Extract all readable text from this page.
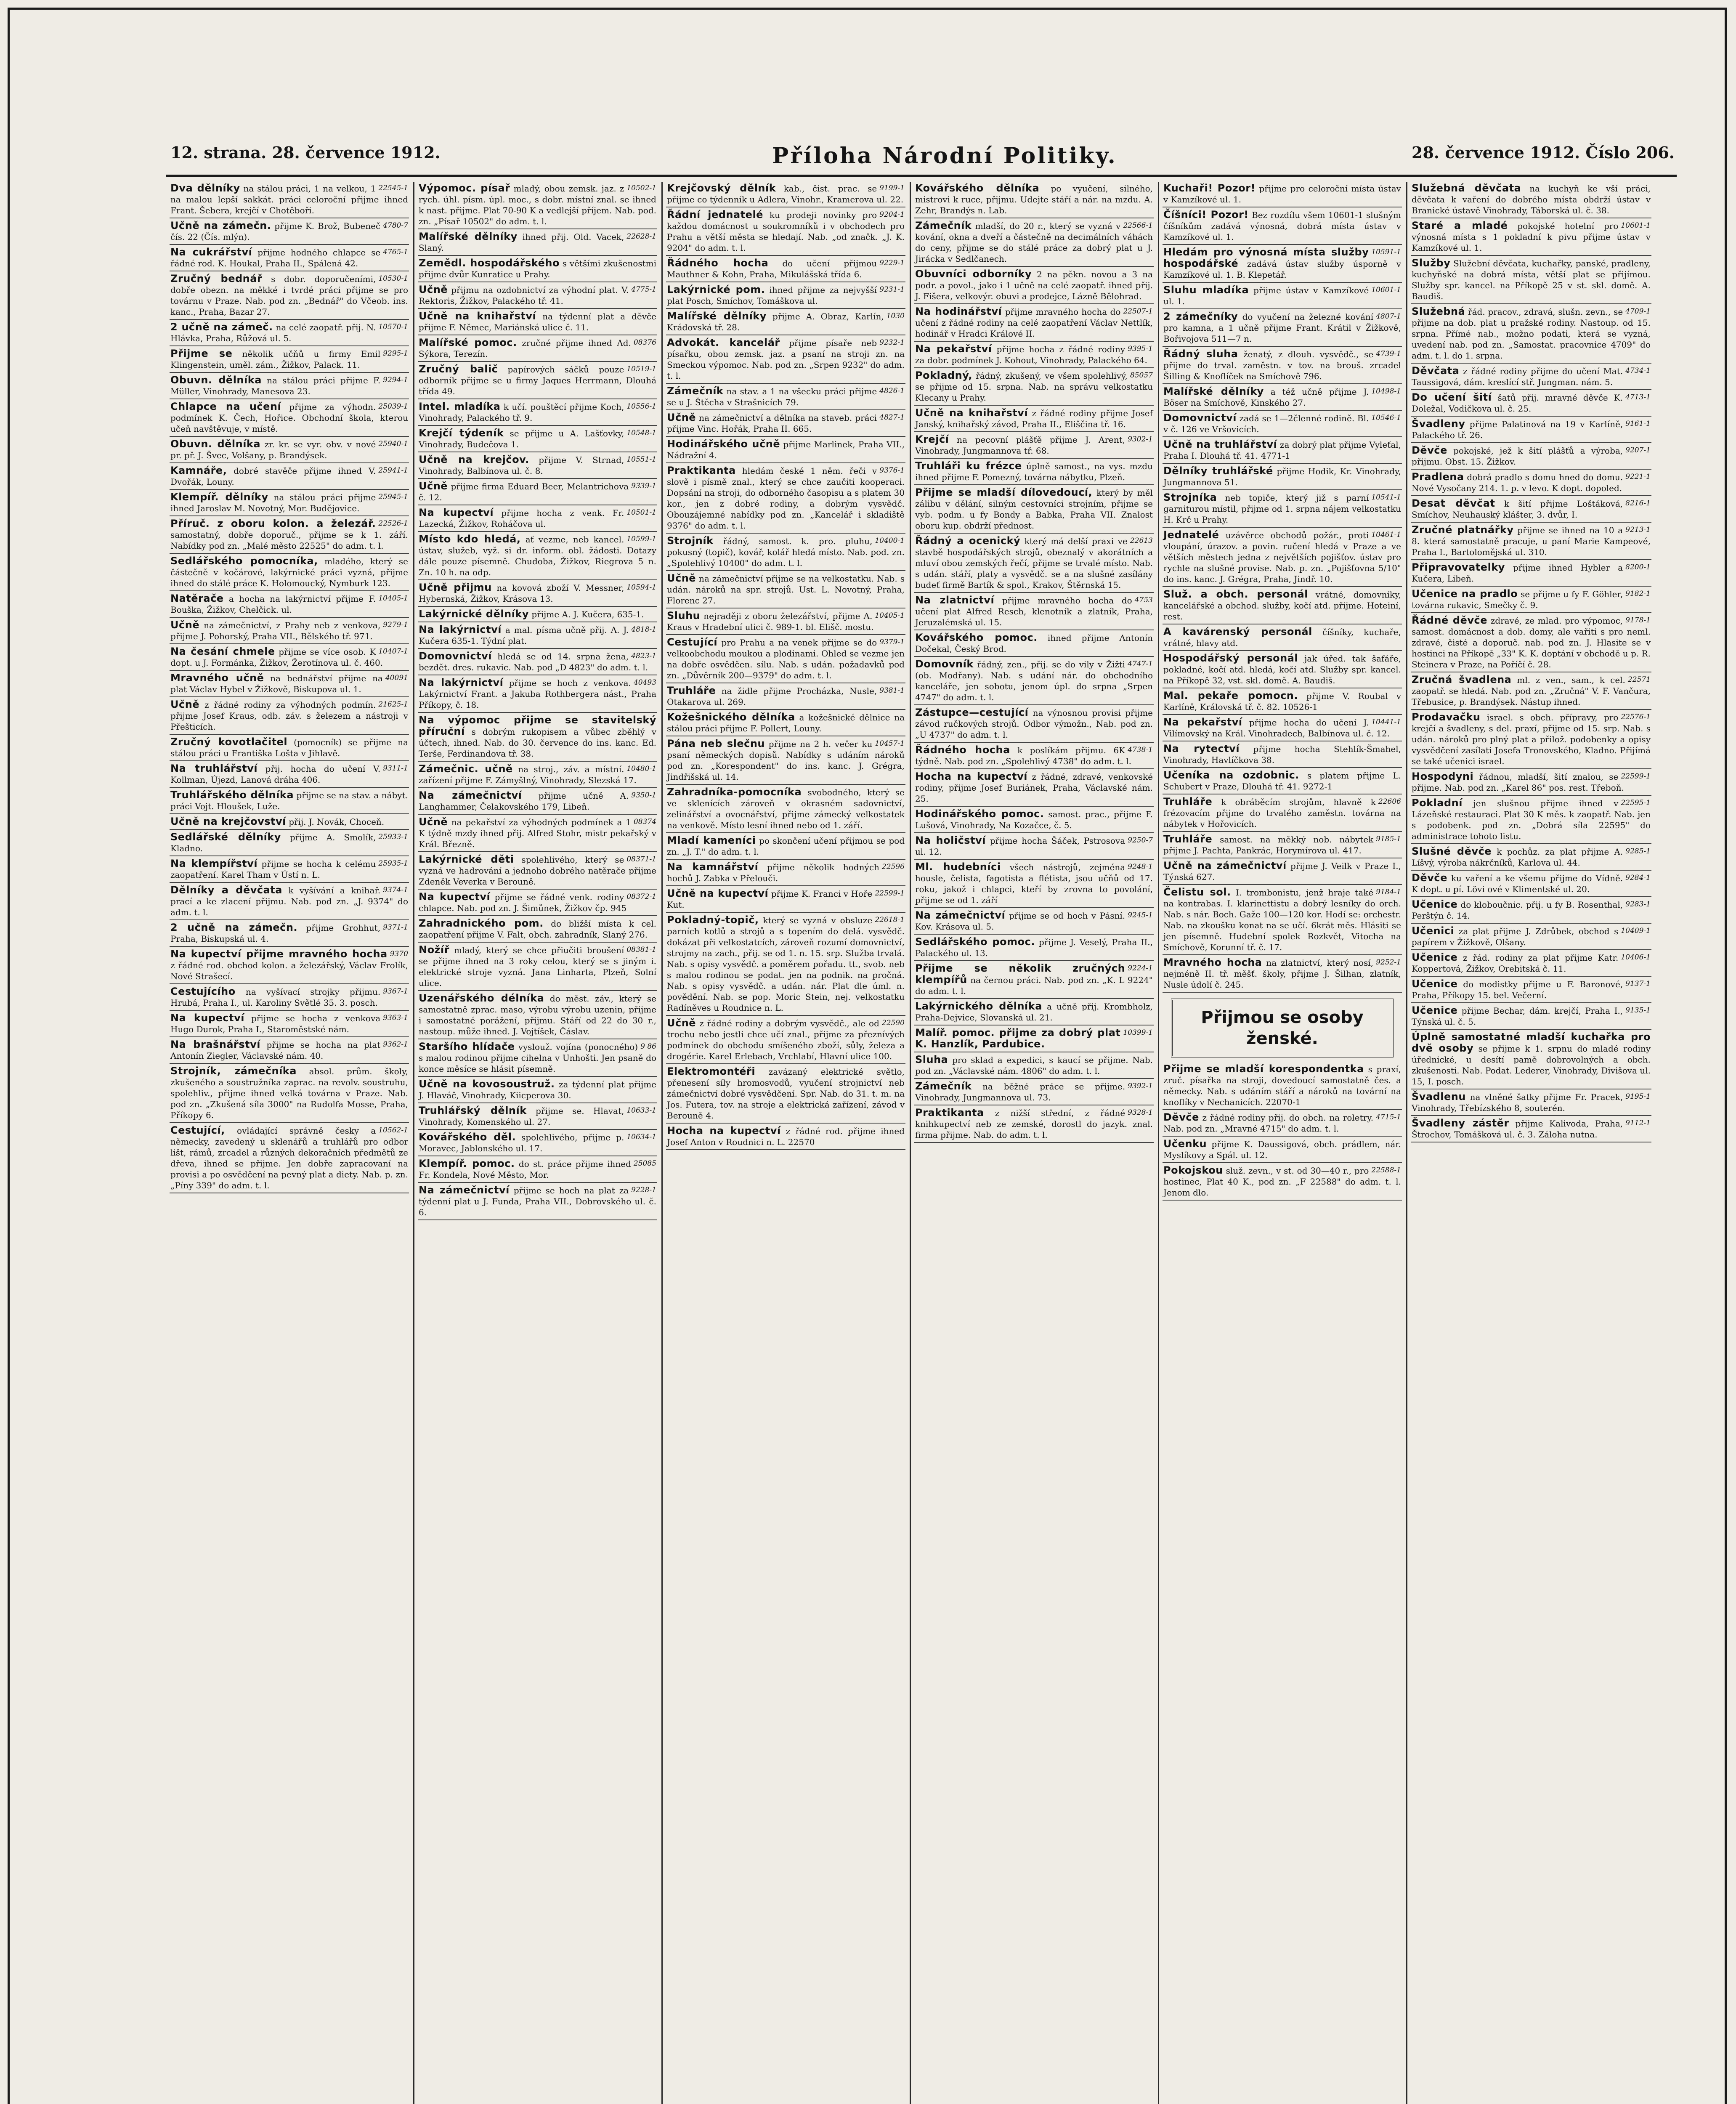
12. strana. 28. července 1912.	Příloha Národní Politiky.	28. července 1912. Číslo 206.
22545-1
Dva dělníky na stálou práci, 1 na velkou, 1 na malou lepší sakkát. práci celoroční přijme ihned Frant. Šebera, krejčí v Chotěboři.
4780-7
Učně na zámečn. přijme K. Brož, Bubeneč čís. 22 (Čís. mlýn).
4765-1
Na cukrářství přijme hodného chlapce se řádné rod. K. Houkal, Praha II., Spálená 42.
10530-1
Zručný bednář s dobr. doporučeními, dobře obezn. na měkké i tvrdé práci přijme se pro továrnu v Praze. Nab. pod zn. „Bednář" do Včeob. ins. kanc., Praha, Bazar 27.
10570-1
2 učně na zámeč. na celé zaopatř. přij. N. Hlávka, Praha, Růžová ul. 5.
9295-1
Přijme se několik učňů u firmy Emil Klingenstein, uměl. zám., Žižkov, Palack. 11.
9294-1
Obuvn. dělníka na stálou práci přijme F. Müller, Vinohrady, Manesova 23.
25039-1
Chlapce na učení přijme za výhodn. podmínek K. Čech, Hořice. Obchodní škola, kterou učeň navštěvuje, v místě.
25940-1
Obuvn. dělníka zr. kr. se vyr. obv. v nové pr. př. J. Švec, Volšany, p. Brandýsek.
25941-1
Kamnáře, dobré stavěče přijme ihned V. Dvořák, Louny.
25945-1
Klempíř. dělníky na stálou práci přijme ihned Jaroslav M. Novotný, Mor. Budějovice.
22526-1
Příruč. z oboru kolon. a železář. samostatný, dobře doporuč., přijme se k 1. září. Nabídky pod zn. „Malé město 22525" do adm. t. l.
Sedlářského pomocníka, mladého, který se částečně v kočárové, lakýrnické práci vyzná, přijme ihned do stálé práce K. Holomoucký, Nymburk 123.
10405-1
Natěrače a hocha na lakýrnictví přijme F. Bouška, Žižkov, Chelčick. ul.
9279-1
Učně na zámečnictví, z Prahy neb z venkova, přijme J. Pohorský, Praha VII., Bělského tř. 971.
10407-1
Na česání chmele přijme se více osob. K dopt. u J. Formánka, Žižkov, Žerotínova ul. č. 460.
40091
Mravného učně na bednářství přijme na plat Václav Hybel v Žižkově, Biskupova ul. 1.
21625-1
Učně z řádné rodiny za výhodných podmín. přijme Josef Kraus, odb. záv. s železem a nástroji v Přešticích.
Zručný kovotlačitel (pomocník) se přijme na stálou práci u Františka Lošta v Jihlavě.
9311-1
Na truhlářství přij. hocha do učení V. Kollman, Újezd, Lanová dráha 406.
Truhlářského dělníka přijme se na stav. a nábyt. práci Vojt. Hloušek, Luže.
Učně na krejčovství přij. J. Novák, Choceň.
25933-1
Sedlářské dělníky přijme A. Smolík, Kladno.
25935-1
Na klempířství přijme se hocha k celému zaopatření. Karel Tham v Ústí n. L.
9374-1
Dělníky a děvčata k vyšívání a knihař. prací a ke zlacení přijmu. Nab. pod zn. „J. 9374" do adm. t. l.
9371-1
2 učně na zámečn. přijme Grohhut, Praha, Biskupská ul. 4.
9370
Na kupectví přijme mravného hocha z řádné rod. obchod kolon. a železářský, Václav Frolík, Nové Strašecí.
9367-1
Cestujícího na vyšívací strojky přijmu. Hrubá, Praha I., ul. Karoliny Světlé 35. 3. posch.
9363-1
Na kupectví přijme se hocha z venkova Hugo Durok, Praha I., Staroměstské nám.
9362-1
Na brašnářství přijme se hocha na plat Antonín Ziegler, Václavské nám. 40.
Strojník, zámečníka absol. prům. školy, zkušeného a soustružníka zaprac. na revolv. soustruhu, spolehliv., přijme ihned velká továrna v Praze. Nab. pod zn. „Zkušená síla 3000" na Rudolfa Mosse, Praha, Příkopy 6.
10562-1
Cestující, ovládající správně česky a německy, zavedený u sklenářů a truhlářů pro odbor lišt, rámů, zrcadel a různých dekoračních předmětů ze dřeva, ihned se přijme. Jen dobře zapracovaní na provisi a po osvědčení na pevný plat a diety. Nab. p. zn. „Píny 339" do adm. t. l.
10502-1
Výpomoc. písař mladý, obou zemsk. jaz. z rych. úhl. písm. úpl. moc., s dobr. místní znal. se ihned k nast. přijme. Plat 70-90 K a vedlejší příjem. Nab. pod. zn. „Písař 10502" do adm. t. l.
22628-1
Malířské dělníky ihned přij. Old. Vacek, Slaný.
Zemědl. hospodářského s většími zkušenostmi přijme dvůr Kunratice u Prahy.
4775-1
Učně přijmu na ozdobnictví za výhodní plat. V. Rektoris, Žižkov, Palackého tř. 41.
Učně na knihařství na týdenní plat a děvče přijme F. Němec, Mariánská ulice č. 11.
08376
Malířské pomoc. zručné přijme ihned Ad. Sýkora, Terezín.
10519-1
Zručný balič papírových sáčků pouze odborník přijme se u firmy Jaques Herrmann, Dlouhá třída 49.
10556-1
Intel. mladíka k učí. pouštěcí přijme Koch, Vinohrady, Palackého tř. 9.
10548-1
Krejčí týdeník se přijme u A. Lašťovky, Vinohrady, Budečova 1.
10551-1
Učně na krejčov. přijme V. Strnad, Vinohrady, Balbínova ul. č. 8.
9339-1
Učně přijme firma Eduard Beer, Melantrichova č. 12.
10501-1
Na kupectví přijme hocha z venk. Fr. Lazecká, Žižkov, Roháčova ul.
10599-1
Místo kdo hledá, ať vezme, neb kancel. ústav, služeb, vyž. si dr. inform. obl. žádosti. Dotazy dále pouze písemně. Chudoba, Žižkov, Riegrova 5 n. Zn. 10 h. na odp.
10594-1
Učně přijmu na kovová zboží V. Messner, Hybernská, Žižkov, Krásova 13.
Lakýrnické dělníky přijme A. J. Kučera, 635-1.
4818-1
Na lakýrnictví a mal. písma učně přij. A. J. Kučera 635-1. Týdní plat.
4823-1
Domovnictví hledá se od 14. srpna žena, bezdět. dres. rukavic. Nab. pod „D 4823" do adm. t. l.
40493
Na lakýrnictví přijme se hoch z venkova. Lakýrnictví Frant. a Jakuba Rothbergera nást., Praha Příkopy, č. 18.
Na výpomoc přijme se stavitelský příruční s dobrým rukopisem a vůbec zběhlý v účtech, ihned. Nab. do 30. července do ins. kanc. Ed. Terše, Ferdinandova tř. 38.
10480-1
Zámečnic. učně na stroj., záv. a místní. zařízení přijme F. Zámyšlný, Vinohrady, Slezská 17.
9350-1
Na zámečnictví přijme učně A. Langhammer, Čelakovského 179, Libeň.
08374
Učně na pekařství za výhodných podmínek a 1 K týdně mzdy ihned přij. Alfred Stohr, mistr pekařský v Král. Březně.
08371-1
Lakýrnické děti spolehlivého, který se vyzná ve hadrování a jednoho dobrého natěrače přijme Zdeněk Veverka v Berouně.
08372-1
Na kupectví přijme se řádné venk. rodiny chlapce. Nab. pod zn. J. Šimůnek, Žižkov čp. 945
Zahradnického pom. do bližší místa k cel. zaopatření přijme V. Falt, obch. zahradník, Slaný 276.
08381-1
Nožíř mladý, který se chce přiučiti broušení se přijme ihned na 3 roky celou, který se s jiným i. elektrické stroje vyzná. Jana Linharta, Plzeň, Solní ulice.
Uzenářského délníka do měst. záv., který se samostatně zprac. maso, výrobu výrobu uzenin, přijme i samostatné porážení, přijmu. Stáří od 22 do 30 r., nastoup. může ihned. J. Vojtíšek, Čáslav.
9 86
Staršího hlídače vyslouž. vojína (ponocného) s malou rodinou přijme cihelna v Unhošti. Jen psaně do konce měsíce se hlásit písemně.
Učně na kovosoustruž. za týdenní plat přijme J. Hlaváč, Vinohrady, Kiicperova 30.
10633-1
Truhlářský dělník přijme se. Hlavat, Vinohrady, Komenského ul. 27.
10634-1
Kovářského děl. spolehlivého, přijme p. Moravec, Jablonského ul. 17.
25085
Klempíř. pomoc. do st. práce přijme ihned Fr. Kondela, Nové Město, Mor.
9228-1
Na zámečnictví přijme se hoch na plat za týdenní plat u J. Funda, Praha VII., Dobrovského ul. č. 6.
9199-1
Krejčovský dělník kab., čist. prac. se přijme co týdenník u Adlera, Vinohr., Kramerova ul. 22.
9204-1
Řádní jednatelé ku prodeji novinky pro každou domácnost u soukromníků i v obchodech pro Prahu a větší města se hledají. Nab. „od značk. „J. K. 9204" do adm. t. l.
9229-1
Řádného hocha do učení přijmou Mauthner & Kohn, Praha, Mikulášská třída 6.
9231-1
Lakýrnické pom. ihned přijme za nejvyšší plat Posch, Smíchov, Tomáškova ul.
1030
Malířské dělníky přijme A. Obraz, Karlín, Krádovská tř. 28.
9232-1
Advokát. kancelář přijme písaře neb písařku, obou zemsk. jaz. a psaní na stroji zn. na Smeckou výpomoc. Nab. pod zn. „Srpen 9232" do adm. t. l.
4826-1
Zámečník na stav. a 1 na všecku práci přijme se u J. Štěcha v Strašnicích 79.
4827-1
Učně na zámečnictví a dělníka na staveb. práci přijme Vinc. Hořák, Praha II. 665.
Hodinářského učně přijme Marlinek, Praha VII., Nádražní 4.
9376-1
Praktikanta hledám české 1 něm. řeči v slově i písmě znal., který se chce zaučiti kooperaci. Dopsání na stroji, do odborného časopisu a s platem 30 kor., jen z dobré rodiny, a dobrým vysvědč. Obouzájemné nabídky pod zn. „Kancelář i skladiště 9376" do adm. t. l.
10400-1
Strojník řádný, samost. k. pro. pluhu, pokusný (topič), kovář, kolář hledá místo. Nab. pod. zn. „Spolehlivý 10400" do adm. t. l.
Učně na zámečnictví přijme se na velkostatku. Nab. s udán. nároků na spr. strojů. Ust. L. Novotný, Praha, Florenc 27.
10405-1
Sluhu nejraději z oboru železářství, přijme A. Kraus v Hradební ulici č. 989-1. bl. Elišč. mostu.
9379-1
Cestující pro Prahu a na venek přijme se do velkoobchodu moukou a plodinami. Ohled se vezme jen na dobře osvědčen. sílu. Nab. s udán. požadavků pod zn. „Důvěrník 200—9379" do adm. t. l.
9381-1
Truhláře na židle přijme Procházka, Nusle, Otakarova ul. 269.
Kožešnického dělníka a kožešnické dělnice na stálou práci přijme F. Pollert, Louny.
10457-1
Pána neb slečnu přijme na 2 h. večer ku psaní německých dopisů. Nabídky s udáním nároků pod zn. „Korespondent" do ins. kanc. J. Grégra, Jindřišská ul. 14.
Zahradníka-pomocníka svobodného, který se ve sklenících zároveň v okrasném sadovnictví, zelinářství a ovocnářství, přijme zámecký velkostatek na venkově. Místo lesní ihned nebo od 1. září.
Mladí kameníci po skončení učení přijmou se pod zn. „J. T." do adm. t. l.
22596
Na kamnářství přijme několik hodných hochů J. Zabka v Přelouči.
22599-1
Učně na kupectví přijme K. Franci v Hoře Kut.
22618-1
Pokladný-topič, který se vyzná v obsluze parních kotlů a strojů a s topením do delá. vysvědč. dokázat při velkostatcích, zároveň rozumí domovnictví, strojmy na zach., přij. se od 1. n. 15. srp. Služba trvalá. Nab. s opisy vysvědč. a poměrem pořadu. tt., svob. neb s malou rodinou se podat. jen na podnik. na pročná. Nab. s opisy vysvědč. a udán. nár. Plat dle úml. n. povědění. Nab. se pop. Moric Stein, nej. velkostatku Radíněves u Roudnice n. L.
22590
Učně z řádné rodiny a dobrým vysvědč., ale od trochu nebo jestli chce učí znal., přijme za přeznívých podmínek do obchodu smíšeného zboží, sůly, železa a drogérie. Karel Erlebach, Vrchlabí, Hlavní ulice 100.
Elektromontéři zavázaný elektrické světlo, přenesení síly hromosvodů, vyučení strojnictví neb zámečnictví dobré vysvědčení. Spr. Nab. do 31. t. m. na Jos. Futera, tov. na stroje a elektrická zařízení, závod v Berouně 4.
Hocha na kupectví z řádné rod. přijme ihned Josef Anton v Roudnici n. L. 22570
Kovářského dělníka po vyučení, silného, mistrovi k ruce, přijmu. Udejte stáří a nár. na mzdu. A. Zehr, Brandýs n. Lab.
22566-1
Zámečník mladší, do 20 r., který se vyzná v kování, okna a dveří a částečně na decimálních váhách do ceny, přijme se do stálé práce za dobrý plat u J. Jirácka v Sedlčanech.
Obuvníci odborníky 2 na pěkn. novou a 3 na podr. a povol., jako i 1 učně na celé zaopatř. ihned přij. J. Fišera, velkovýr. obuvi a prodejce, Lázně Bělohrad.
22507-1
Na hodinářství přijme mravného hocha do učení z řádné rodiny na celé zaopatření Václav Nettlík, hodinář v Hradci Králové II.
9395-1
Na pekařství přijme hocha z řádné rodiny za dobr. podmínek J. Kohout, Vinohrady, Palackého 64.
85057
Pokladný, řádný, zkušený, ve všem spolehlivý, se přijme od 15. srpna. Nab. na správu velkostatku Klecany u Prahy.
Učně na knihařství z řádné rodiny přijme Josef Janský, knihařský závod, Praha II., Eliščina tř. 16.
9302-1
Krejčí na pecovní plášťě přijme J. Arent, Vinohrady, Jungmannova tř. 68.
Truhláři ku frézce úplně samost., na vys. mzdu ihned přijme F. Pomezný, továrna nábytku, Plzeň.
Přijme se mladší dílovedoucí, který by měl zálibu v dělání, silným cestovníci strojním, přijme se vyb. podm. u fy Bondy a Babka, Praha VII. Znalost oboru kup. obdrží přednost.
22613
Řádný a ocenický který má delší praxi ve stavbě hospodářských strojů, obeznalý v akorátních a mluví obou zemských řečí, přijme se trvalé místo. Nab. s udán. stáří, platy a vysvědč. se a na slušné zasílány budeť firmě Bartík & spol., Krakov, Štěrnská 15.
4753
Na zlatnictví přijme mravného hocha do učení plat Alfred Resch, klenotník a zlatník, Praha, Jeruzalémská ul. 15.
Kovářského pomoc. ihned přijme Antonín Dočekal, Český Brod.
4747-1
Domovník řádný, zen., přij. se do vily v Žižti (ob. Modřany). Nab. s udání nár. do obchodního kanceláře, jen sobotu, jenom úpl. do srpna „Srpen 4747" do adm. t. l.
Zástupce—cestující na výnosnou provisi přijme závod ručkových strojů. Odbor výmožn., Nab. pod zn. „U 4737" do adm. t. l.
4738-1
Řádného hocha k poslíkám přijmu. 6K týdně. Nab. pod zn. „Spolehlivý 4738" do adm. t. l.
Hocha na kupectví z řádné, zdravé, venkovské rodiny, přijme Josef Buriánek, Praha, Václavské nám. 25.
Hodinářského pomoc. samost. prac., přijme F. Lušová, Vinohrady, Na Kozačce, č. 5.
9250-7
Na holičství přijme hocha Šáček, Pstrosova ul. 12.
9248-1
Ml. hudebníci všech nástrojů, zejména housle, čelista, fagotista a flétista, jsou učňů od 17. roku, jakož i chlapci, kteří by zrovna to povolání, přijme se od 1. září
9245-1
Na zámečnictví přijme se od hoch v Pásní. Kov. Krásova ul. 5.
Sedlářského pomoc. přijme J. Veselý, Praha II., Palackého ul. 13.
9224-1
Přijme se několik zručných klempířů na černou práci. Nab. pod zn. „K. L 9224" do adm. t. l.
Lakýrnického dělníka a učně přij. Krombholz, Praha-Dejvice, Slovanská ul. 21.
10399-1
Malíř. pomoc. přijme za dobrý plat K. Hanzlík, Pardubice.
Sluha pro sklad a expedici, s kaucí se přijme. Nab. pod zn. „Václavské nám. 4806" do adm. t. l.
9392-1
Zámečník na běžné práce se přijme. Vinohrady, Jungmannova ul. 73.
9328-1
Praktikanta z nižší střední, z řádné knihkupectví neb ze zemské, dorostl do jazyk. znal. firma přijme. Nab. do adm. t. l.
Kuchaři! Pozor! přijme pro celoroční místa ústav v Kamzíkové ul. 1.
Číšníci! Pozor! Bez rozdílu všem 10601-1 slušným číšníkům zadává výnosná, dobrá místa ústav v Kamzíkové ul. 1.
10591-1
Hledám pro výnosná místa služby hospodářské zadává ústav služby úsporně v Kamzíkové ul. 1. B. Klepetář.
10601-1
Sluhu mladíka přijme ústav v Kamzíkové ul. 1.
4807-1
2 zámečníky do vyučení na železné kování pro kamna, a 1 učně přijme Frant. Krátil v Žižkově, Bořivojova 511—7 n.
4739-1
Řádný sluha ženatý, z dlouh. vysvědč., se přijme do trval. zaměstn. v tov. na brouš. zrcadel Šilling & Knoflíček na Smíchově 796.
10498-1
Malířské dělníky a též učně přijme J. Böser na Smíchově, Kinského 27.
10546-1
Domovnictví zadá se 1—2členné rodině. Bl. v č. 126 ve Vršovicích.
Učně na truhlářství za dobrý plat přijme Vyleťal, Praha I. Dlouhá tř. 41. 4771-1
Dělníky truhlářské přijme Hodik, Kr. Vinohrady, Jungmannova 51.
10541-1
Strojníka neb topiče, který již s parní garniturou místil, přijme od 1. srpna nájem velkostatku H. Krč u Prahy.
10461-1
Jednatelé uzávěrce obchodů požár., proti vloupání, úrazov. a povin. ručení hledá v Praze a ve větších městech jedna z největších pojišťov. ústav pro rychle na slušné provise. Nab. p. zn. „Pojišťovna 5/10" do ins. kanc. J. Grégra, Praha, Jindř. 10.
Služ. a obch. personál vrátné, domovníky, kancelářské a obchod. služby, kočí atd. přijme. Hoteiní, rest.
A kavárenský personál číšníky, kuchaře, vrátné, hlavy atd.
Hospodářský personál jak úřed. tak šafáře, pokladné, kočí atd. hledá, kočí atd. Služby spr. kancel. na Příkopě 32, vst. skl. domě. A. Baudiš.
Mal. pekaře pomocn. přijme V. Roubal v Karlíně, Královská tř. č. 82. 10526-1
10441-1
Na pekařství přijme hocha do učení J. Vilímovský na Král. Vinohradech, Balbínova ul. č. 12.
Na rytectví přijme hocha Stehlík-Šmahel, Vinohrady, Havlíčkova 38.
Učeníka na ozdobnic. s platem přijme L. Schubert v Praze, Dlouhá tř. 41. 9272-1
22606
Truhláře k obráběcím strojům, hlavně k frézovacím přijme do trvalého zaměstn. továrna na nábytek v Hořovicích.
9185-1
Truhláře samost. na měkký nob. nábytek přijme J. Pachta, Pankrác, Horymírova ul. 417.
Učně na zámečnictví přijme J. Veilk v Praze I., Týnská 627.
9184-1
Čelistu sol. I. trombonistu, jenž hraje také na kontrabas. I. klarinettistu a dobrý lesníky do orch. Nab. s nár. Boch. Gaže 100—120 kor. Hodí se: orchestr. Nab. na zkoušku konat na se učí. 6krát měs. Hlásiti se jen písemně. Hudební spolek Rozkvět, Vitocha na Smíchově, Korunní tř. č. 17.
9252-1
Mravného hocha na zlatnictví, který nosí, nejméně II. tř. měšť. školy, přijme J. Šilhan, zlatník, Nusle údolí č. 245.
Přijmou se osoby ženské.
Přijme se mladší korespondentka s praxí, zruč. písařka na stroji, dovedoucí samostatně čes. a německy. Nab. s udáním stáří a nároků na tovární na knoflíky v Nechanicích. 22070-1
4715-1
Děvče z řádné rodiny přij. do obch. na roletry. Nab. pod zn. „Mravné 4715" do adm. t. l.
Učenku přijme K. Daussigová, obch. prádlem, nár. Myslíkovy a Spál. ul. 12.
22588-1
Pokojskou služ. zevn., v st. od 30—40 r., pro hostinec, Plat 40 K., pod zn. „F 22588" do adm. t. l. Jenom dlo.
Služebná děvčata na kuchyň ke vší práci, děvčata k vaření do dobrého místa obdrží ústav v Branické ústavě Vinohrady, Táborská ul. č. 38.
10601-1
Staré a mladé pokojské hotelní pro výnosná místa s 1 pokladní k pivu přijme ústav v Kamzíkové ul. 1.
Služby Služební děvčata, kuchařky, panské, pradleny, kuchyňské na dobrá místa, větší plat se přijímou. Služby spr. kancel. na Příkopě 25 v st. skl. domě. A. Baudiš.
4709-1
Služebná řád. pracov., zdravá, slušn. zevn., se přijme na dob. plat u pražské rodiny. Nastoup. od 15. srpna. Přímé nab., možno podati, která se vyzná, uvedení nab. pod zn. „Samostat. pracovnice 4709" do adm. t. l. do 1. srpna.
4734-1
Děvčata z řádné rodiny přijme do učení Mat. Taussigová, dám. kreslící stř. Jungman. nám. 5.
4713-1
Do učení šití šatů přij. mravné děvče K. Doležal, Vodičkova ul. č. 25.
9161-1
Švadleny přijme Palatinová na 19 v Karlíně, Palackého tř. 26.
9207-1
Děvče pokojské, jež k šití plášťů a výroba, přijmu. Obst. 15. Žižkov.
9221-1
Pradlena dobrá pradlo s domu hned do domu. Nové Vysočany 214. 1. p. v levo. K dopt. dopoled.
8216-1
Desat děvčat k šití přijme Loštáková, Smíchov, Neuhauský klášter, 3. dvůr, I.
9213-1
Zručné platnářky přijme se ihned na 10 a 8. která samostatně pracuje, u paní Marie Kampeové, Praha I., Bartolomějská ul. 310.
8200-1
Připravovatelky přijme ihned Hybler a Kučera, Libeň.
9182-1
Učenice na pradlo se přijme u fy F. Göhler, továrna rukavic, Smečky č. 9.
9178-1
Řádné děvče zdravé, ze mlad. pro výpomoc, samost. domácnost a dob. domy, ale vařiti s pro neml. zdravé, čisté a doporuč. nab. pod zn. J. Hlasite se v hostinci na Příkopě „33" K. K. doptání v obchodě u p. R. Steinera v Praze, na Poříčí č. 28.
22571
Zručná švadlena ml. z ven., sam., k cel. zaopatř. se hledá. Nab. pod zn. „Zručná" V. F. Vančura, Třebusice, p. Brandýsek. Nástup ihned.
22576-1
Prodavačku israel. s obch. přípravy, pro krejčí a švadleny, s del. praxí, přijme od 15. srp. Nab. s udán. nároků pro plný plat a přilož. podobenky a opisy vysvědčení zasílati Josefa Tronovského, Kladno. Přijímá se také učenici israel.
22599-1
Hospodyni řádnou, mladší, šití znalou, se přijme. Nab. pod zn. „Karel 86" pos. rest. Třeboň.
22595-1
Pokladní jen slušnou přijme ihned v Lázeňské restauraci. Plat 30 K měs. k zaopatř. Nab. jen s podobenk. pod zn. „Dobrá síla 22595" do administrace tohoto listu.
9285-1
Slušné děvče k pochůz. za plat přijme A. Líšvý, výroba nákrčníků, Karlova ul. 44.
9284-1
Děvče ku vaření a ke všemu přijme do Vídně. K dopt. u pí. Lövi ové v Klimentské ul. 20.
9283-1
Učenice do kloboučnic. přij. u fy B. Rosenthal, Perštýn č. 14.
10409-1
Učenici za plat přijme J. Zdrůbek, obchod s papírem v Žižkově, Olšany.
10406-1
Učenice z řád. rodiny za plat přijme Katr. Koppertová, Žižkov, Orebitská č. 11.
9137-1
Učenice do modistky přijme u F. Baronové, Praha, Příkopy 15. bel. Večerní.
9135-1
Učenice přijme Bechar, dám. krejčí, Praha I., Týnská ul. č. 5.
Úplně samostatné mladší kuchařka pro dvě osoby se přijme k 1. srpnu do mladé rodiny úřednické, u desítí pamě dobrovolných a obch. zkušenosti. Nab. Podat. Lederer, Vinohrady, Divišova ul. 15, I. posch.
9195-1
Švadlenu na vlněné šatky přijme Fr. Pracek, Vinohrady, Třebízského 8, souterén.
9112-1
Švadleny zástěr přijme Kalivoda, Praha, Štrochov, Tomášková ul. č. 3. Záloha nutna.
